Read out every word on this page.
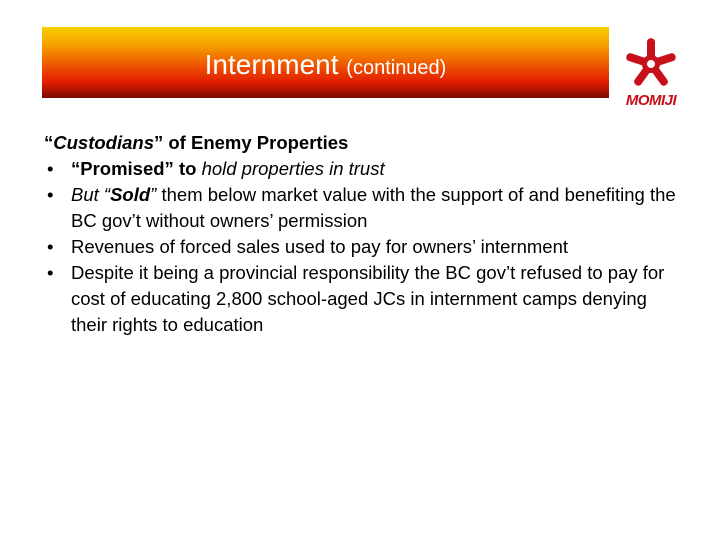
Internment (continued)
MOMIJI
“Custodians” of Enemy Properties
• “Promised” to hold properties in trust
• But “Sold” them below market value with the support of and benefiting the BC gov’t without owners’ permission
• Revenues of forced sales used to pay for owners’ internment
• Despite it being a provincial responsibility the BC gov’t refused to pay for cost of educating 2,800 school-aged JCs in internment camps denying their rights to education
